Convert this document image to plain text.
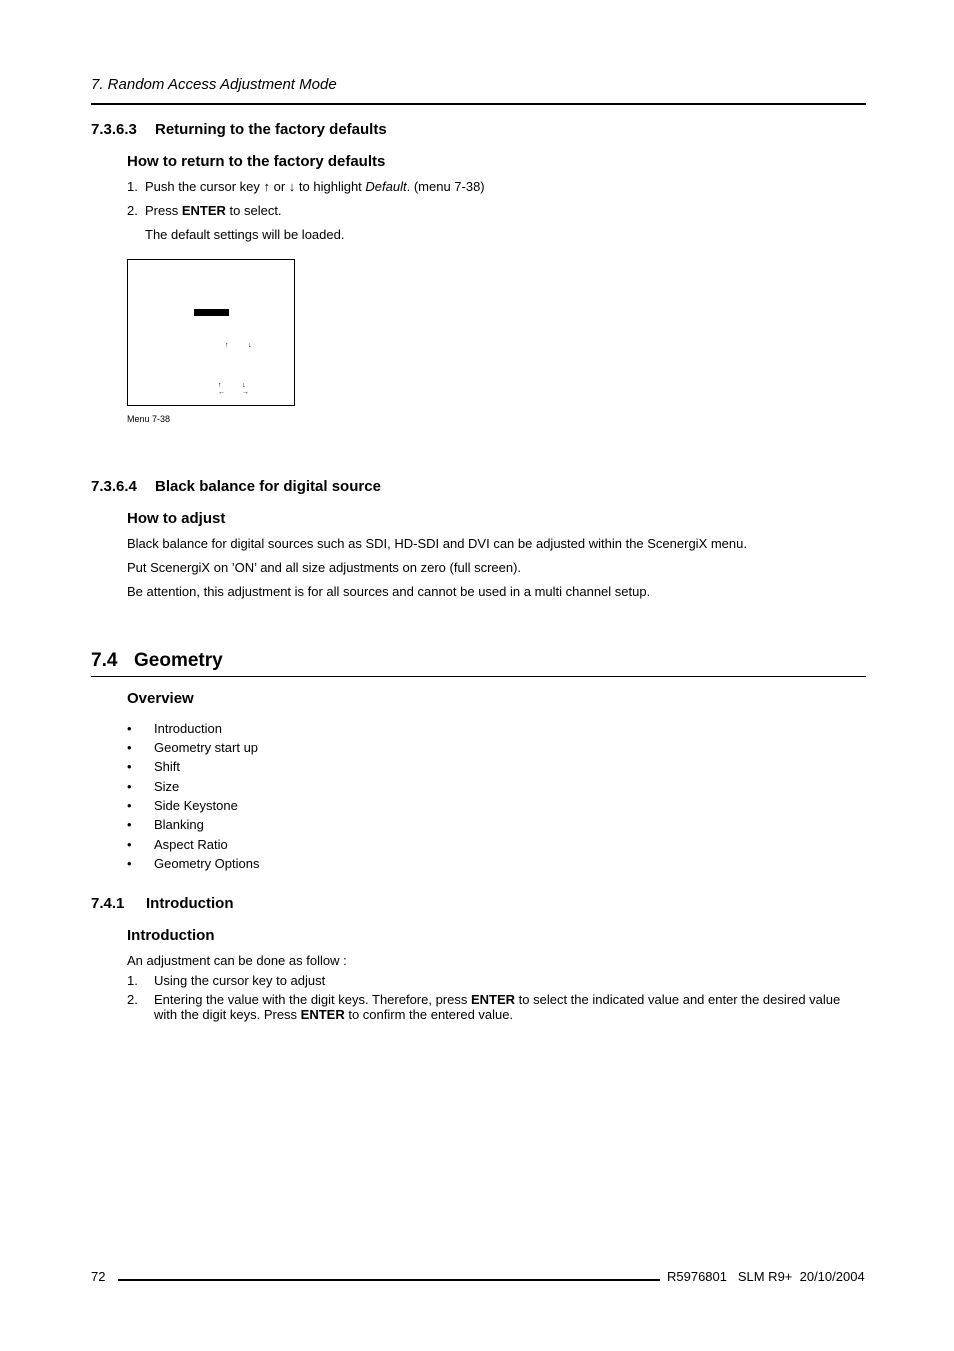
7. Random Access Adjustment Mode
7.3.6.3 Returning to the factory defaults
How to return to the factory defaults
1. Push the cursor key ↑ or ↓ to highlight Default. (menu 7-38)
2. Press ENTER to select.
The default settings will be loaded.
↑	↓
↑	↓
← →
Menu 7-38
7.3.6.4 Black balance for digital source
How to adjust
Black balance for digital sources such as SDI, HD-SDI and DVI can be adjusted within the ScenergiX menu.
Put ScenergiX on ’ON’ and all size adjustments on zero (full screen).
Be attention, this adjustment is for all sources and cannot be used in a multi channel setup.
7.4 Geometry
Overview
• Introduction
• Geometry start up
• Shift
• Size
• Side Keystone
• Blanking
• Aspect Ratio
• Geometry Options
7.4.1 Introduction
Introduction
An adjustment can be done as follow :
1. Using the cursor key to adjust
2. Entering the value with the digit keys. Therefore, press ENTER to select the indicated value and enter the desired value with the digit keys. Press ENTER to confirm the entered value.
72	R5976801   SLM R9+  20/10/2004
